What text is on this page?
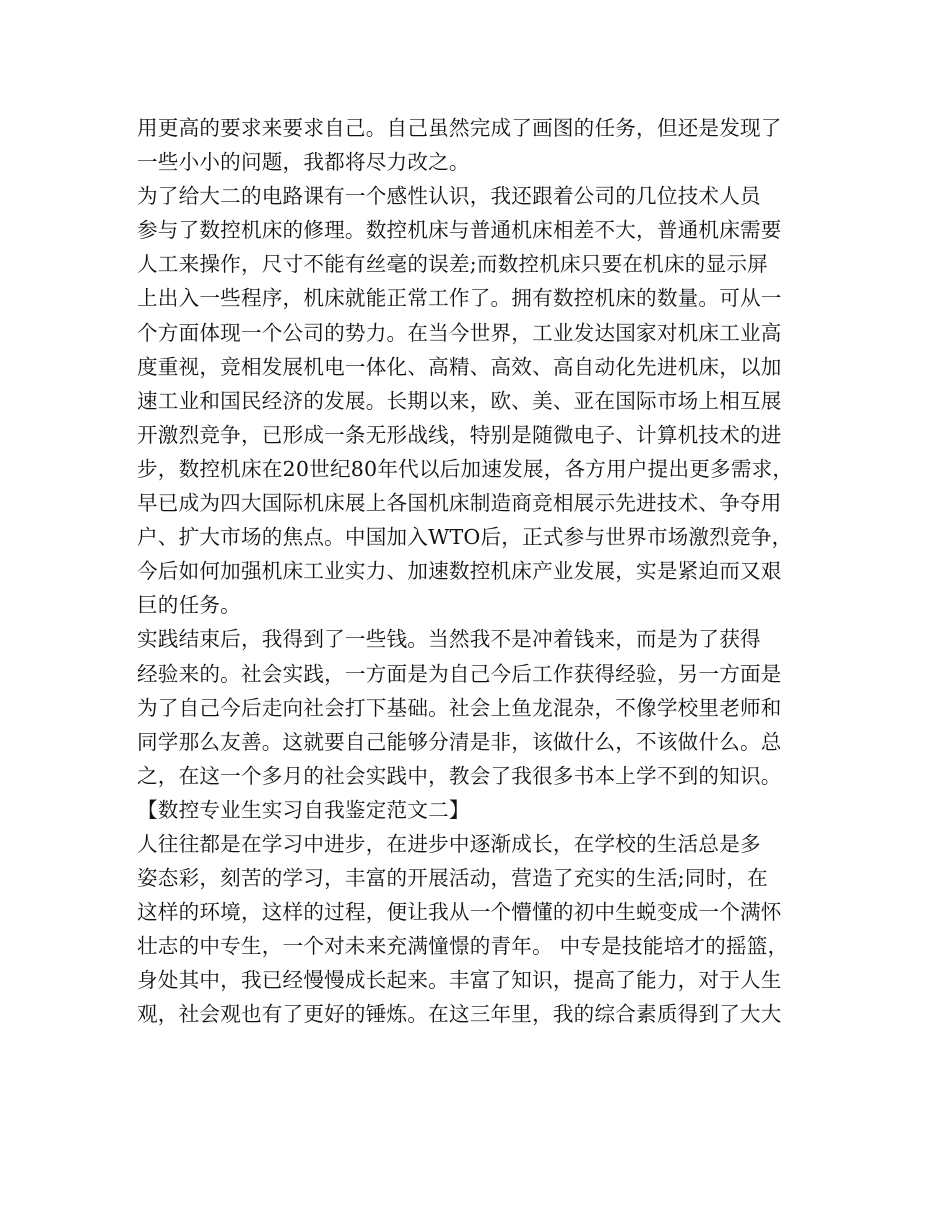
用更高的要求来要求自己。自己虽然完成了画图的任务，但还是发现了
一些小小的问题，我都将尽力改之。
为了给大二的电路课有一个感性认识，我还跟着公司的几位技术人员
参与了数控机床的修理。数控机床与普通机床相差不大，普通机床需要
人工来操作，尺寸不能有丝毫的误差;而数控机床只要在机床的显示屏
上出入一些程序，机床就能正常工作了。拥有数控机床的数量。可从一
个方面体现一个公司的势力。在当今世界，工业发达国家对机床工业高
度重视，竞相发展机电一体化、高精、高效、高自动化先进机床，以加
速工业和国民经济的发展。长期以来，欧、美、亚在国际市场上相互展
开激烈竞争，已形成一条无形战线，特别是随微电子、计算机技术的进
步，数控机床在20世纪80年代以后加速发展，各方用户提出更多需求，
早已成为四大国际机床展上各国机床制造商竞相展示先进技术、争夺用
户、扩大市场的焦点。中国加入WTO后，正式参与世界市场激烈竞争，
今后如何加强机床工业实力、加速数控机床产业发展，实是紧迫而又艰
巨的任务。
实践结束后，我得到了一些钱。当然我不是冲着钱来，而是为了获得
经验来的。社会实践，一方面是为自己今后工作获得经验，另一方面是
为了自己今后走向社会打下基础。社会上鱼龙混杂，不像学校里老师和
同学那么友善。这就要自己能够分清是非，该做什么，不该做什么。总
之，在这一个多月的社会实践中，教会了我很多书本上学不到的知识。
【数控专业生实习自我鉴定范文二】
人往往都是在学习中进步，在进步中逐渐成长，在学校的生活总是多
姿态彩，刻苦的学习，丰富的开展活动，营造了充实的生活;同时，在
这样的环境，这样的过程，便让我从一个懵懂的初中生蜕变成一个满怀
壮志的中专生，一个对未来充满憧憬的青年。 中专是技能培才的摇篮，
身处其中，我已经慢慢成长起来。丰富了知识，提高了能力，对于人生
观，社会观也有了更好的锤炼。在这三年里，我的综合素质得到了大大
